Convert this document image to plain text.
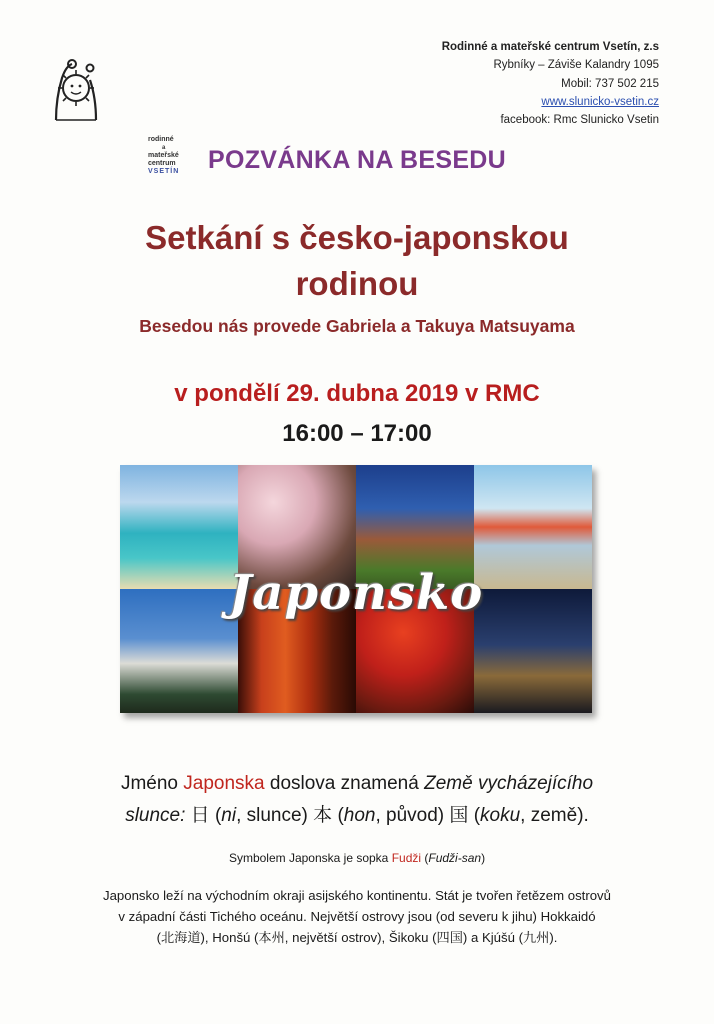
rodinné
a
mateřské
centrum
VSETÍN
Rodinné a mateřské centrum Vsetín, z.s
Rybníky – Záviše Kalandry 1095
Mobil: 737 502 215
www.slunicko-vsetin.cz
facebook: Rmc Slunicko Vsetin
POZVÁNKA NA BESEDU
Setkání s česko-japonskou
rodinou
Besedou nás provede Gabriela a Takuya Matsuyama
v pondělí 29. dubna 2019 v RMC
16:00 – 17:00
Japonsko
Jméno Japonska doslova znamená Země vycházejícího
slunce: 日 (ni, slunce) 本 (hon, původ) 国 (koku, země).
Symbolem Japonska je sopka Fudži (Fudži-san)
Japonsko leží na východním okraji asijského kontinentu. Stát je tvořen řetězem ostrovů
v západní části Tichého oceánu. Největší ostrovy jsou (od severu k jihu) Hokkaidó
(北海道), Honšú (本州, největší ostrov), Šikoku (四国) a Kjúšú (九州).
